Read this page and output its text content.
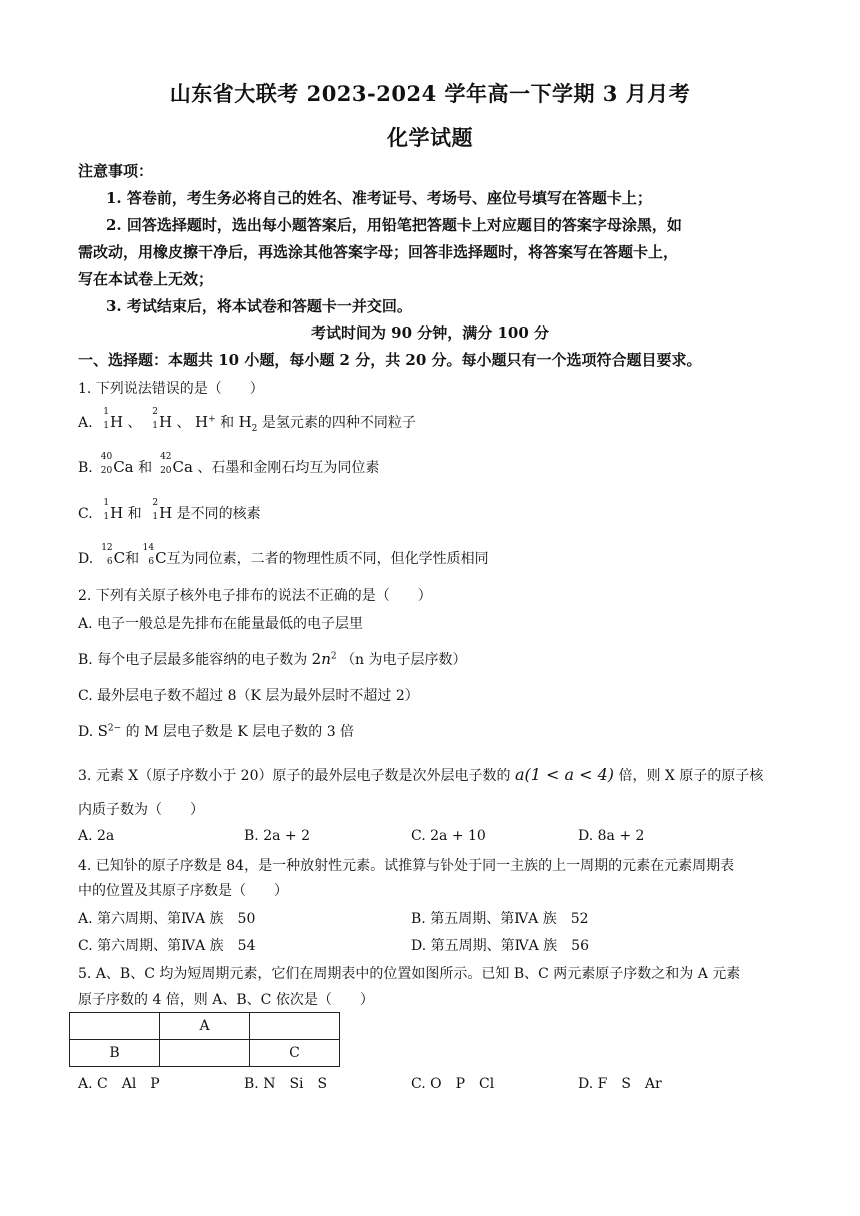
山东省大联考 2023-2024 学年高一下学期 3 月月考
化学试题
注意事项：
1. 答卷前，考生务必将自己的姓名、准考证号、考场号、座位号填写在答题卡上；
2. 回答选择题时，选出每小题答案后，用铅笔把答题卡上对应题目的答案字母涂黑，如
需改动，用橡皮擦干净后，再选涂其他答案字母；回答非选择题时，将答案写在答题卡上，
写在本试卷上无效；
3. 考试结束后，将本试卷和答题卡一并交回。
考试时间为 90 分钟，满分 100 分
一、选择题：本题共 10 小题，每小题 2 分，共 20 分。每小题只有一个选项符合题目要求。
1. 下列说法错误的是（　　）
A.
1
1 H 、
2
1 H 、 H+ 和 $H_2$ 是氢元素的四种不同粒子
B.
40
20 Ca 和
42
20 Ca 、石墨和金刚石均互为同位素
C.
1
1 H 和
2
1 H 是不同的核素
D.
12
6 C和
14
6 C互为同位素，二者的物理性质不同，但化学性质相同
2. 下列有关原子核外电子排布的说法不正确的是（　　）
A. 电子一般总是先排布在能量最低的电子层里
B. 每个电子层最多能容纳的电子数为 $2n^2$ （n 为电子层序数）
C. 最外层电子数不超过 8（K 层为最外层时不超过 2）
D. $S^{2-}$ 的 M 层电子数是 K 层电子数的 3 倍
3. 元素 X（原子序数小于 20）原子的最外层电子数是次外层电子数的 a(1 < a < 4) 倍，则 X 原子的原子核
内质子数为（　　）
A. 2a	B. 2a + 2	C. 2a + 10	D. 8a + 2
4. 已知钋的原子序数是 84，是一种放射性元素。试推算与钋处于同一主族的上一周期的元素在元素周期表
中的位置及其原子序数是（　　）
A. 第六周期、第ⅣA 族　50	B. 第五周期、第ⅣA 族　52
C. 第六周期、第ⅣA 族　54	D. 第五周期、第ⅣA 族　56
5. A、B、C 均为短周期元素，它们在周期表中的位置如图所示。已知 B、C 两元素原子序数之和为 A 元素
原子序数的 4 倍，则 A、B、C 依次是（　　）
	A	
B		C
A. C　Al　P	B. N　Si　S	C. O　P　Cl	D. F　S　Ar
